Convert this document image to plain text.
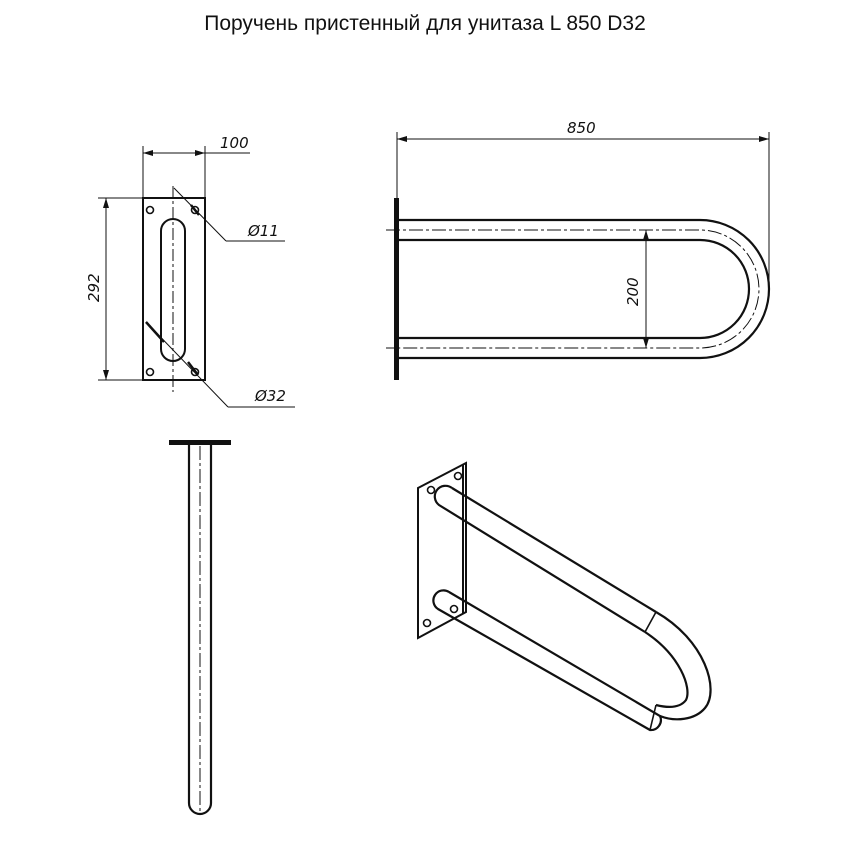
Поручень пристенный для унитаза L 850 D32
100
292
Ø11
Ø32
850
200
